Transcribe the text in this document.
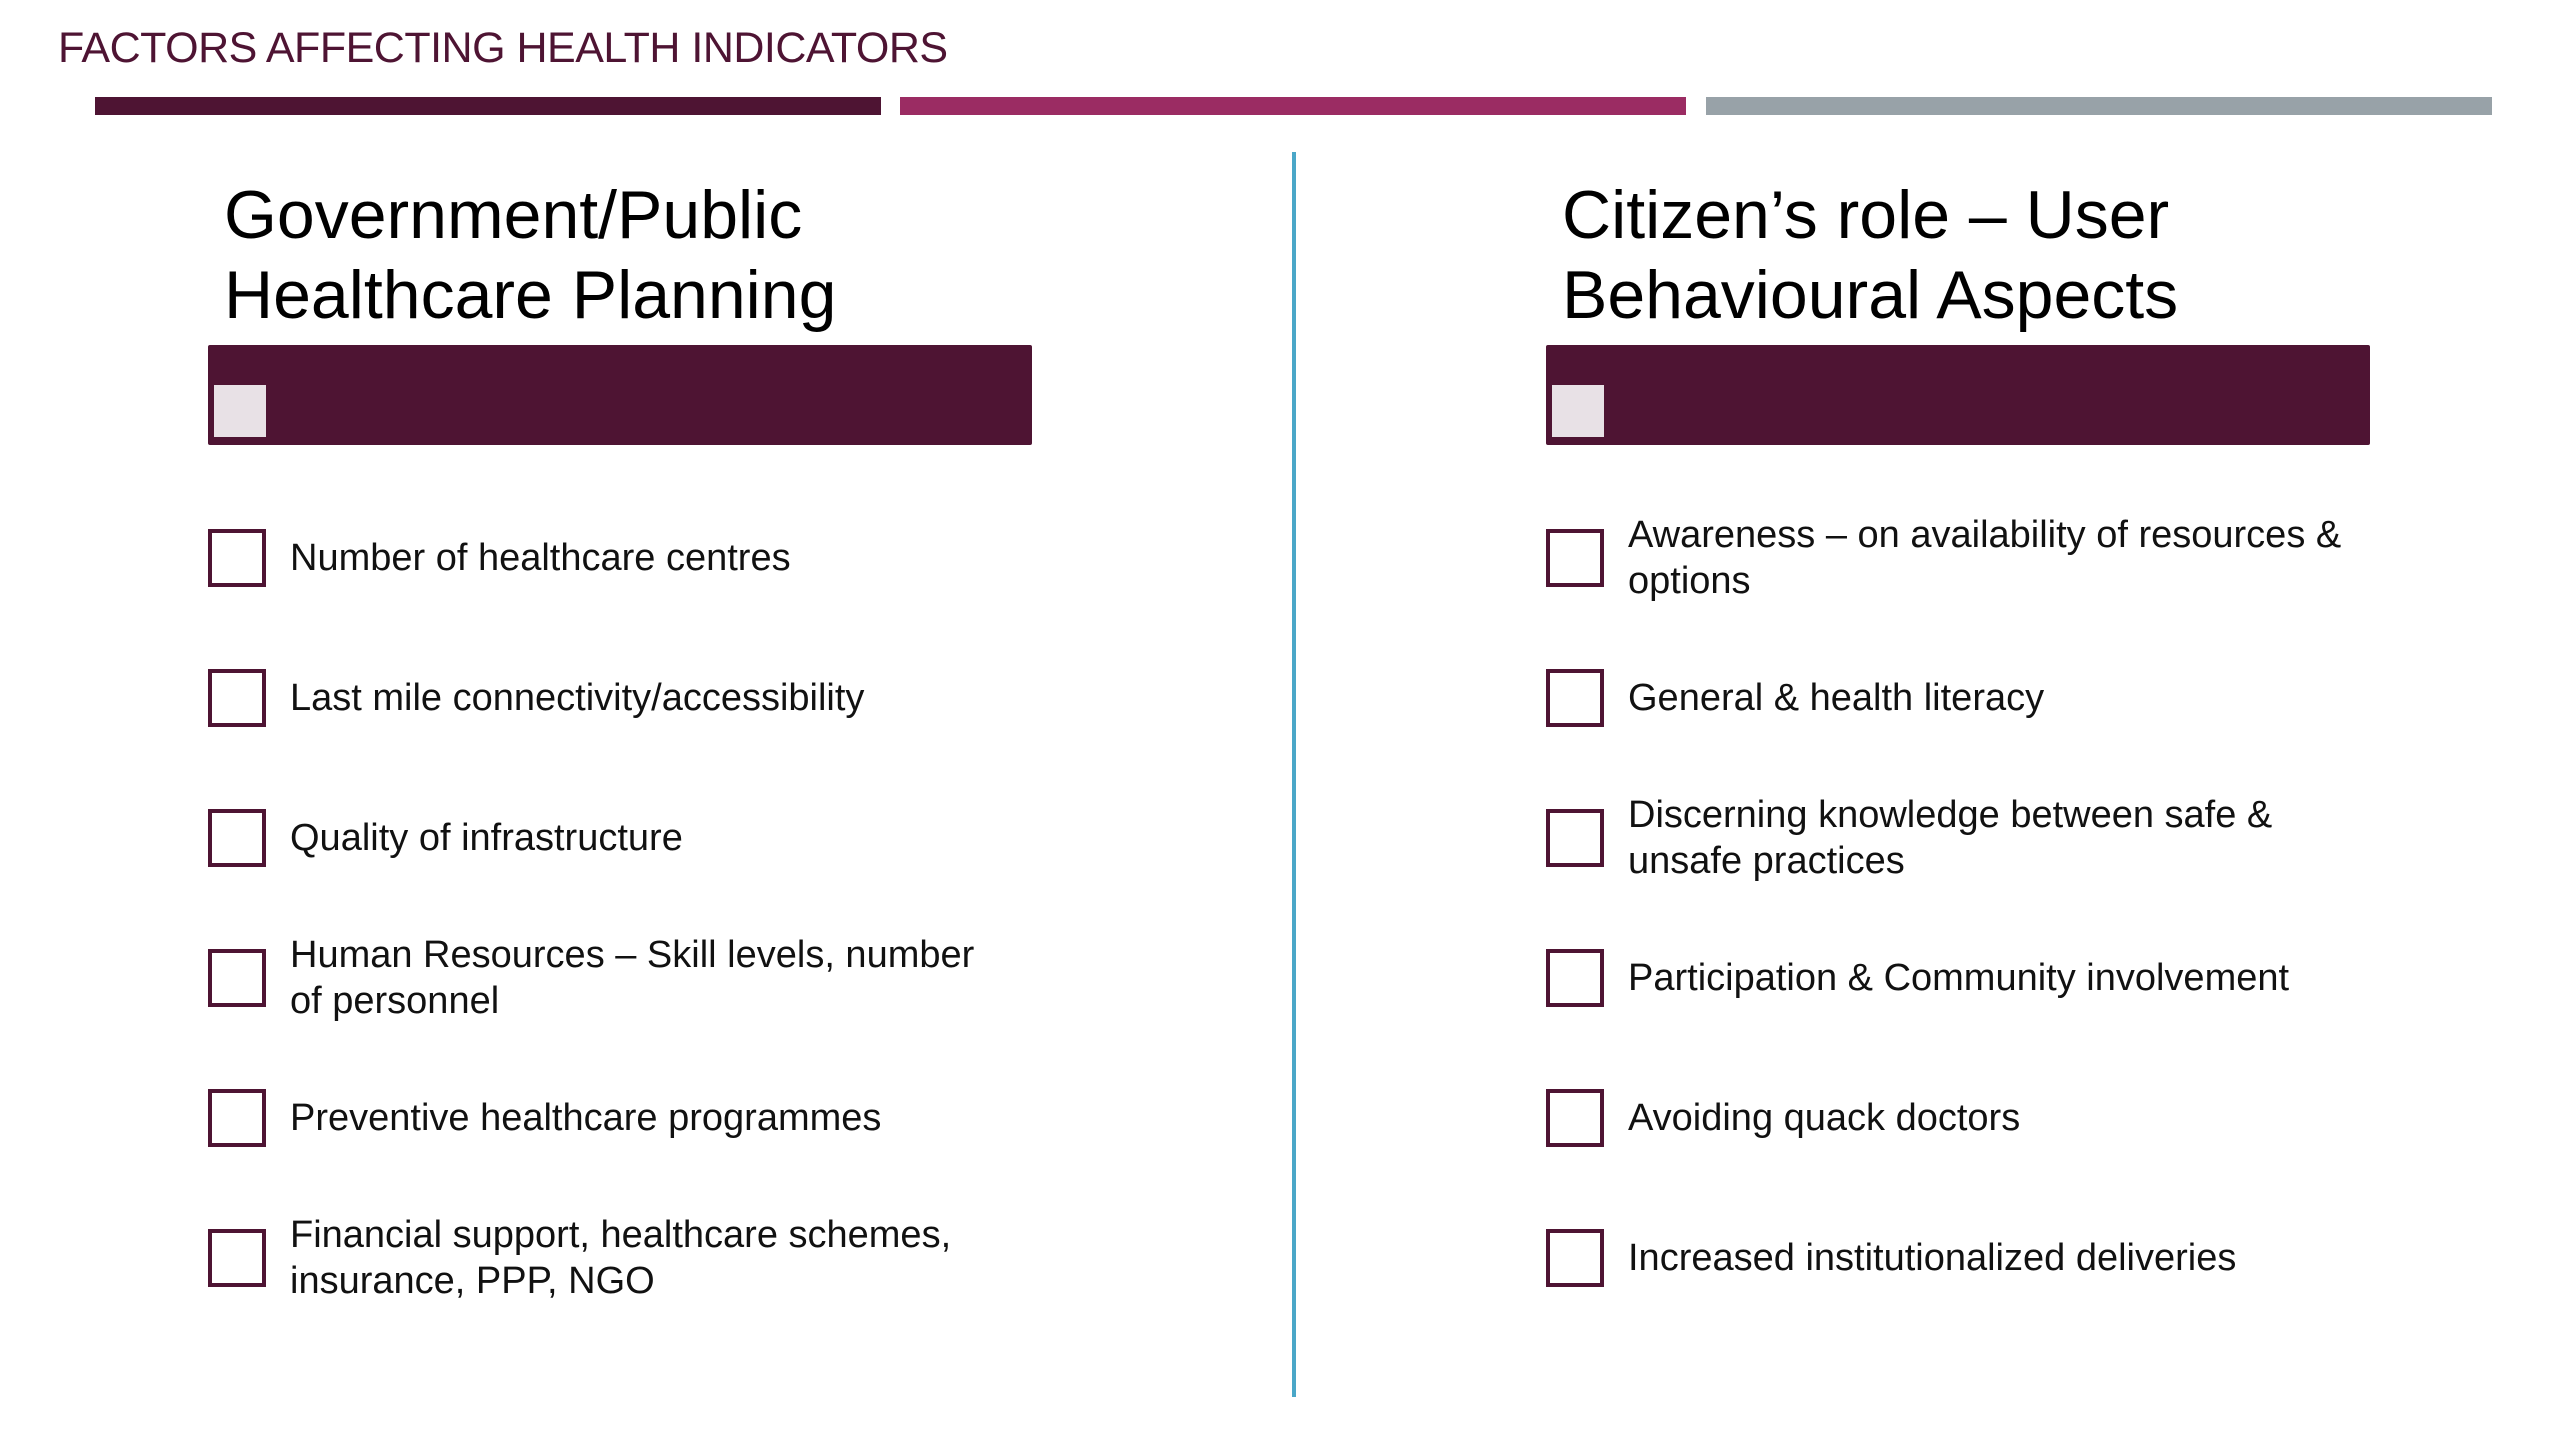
FACTORS AFFECTING HEALTH INDICATORS
Government/Public
Healthcare Planning
Number of healthcare centres
Last mile connectivity/accessibility
Quality of infrastructure
Human Resources – Skill levels, number of personnel
Preventive healthcare programmes
Financial support, healthcare schemes, insurance, PPP, NGO
Citizen’s role – User
Behavioural Aspects
Awareness – on availability of resources & options
General & health literacy
Discerning knowledge between safe & unsafe practices
Participation & Community involvement
Avoiding quack doctors
Increased institutionalized deliveries
